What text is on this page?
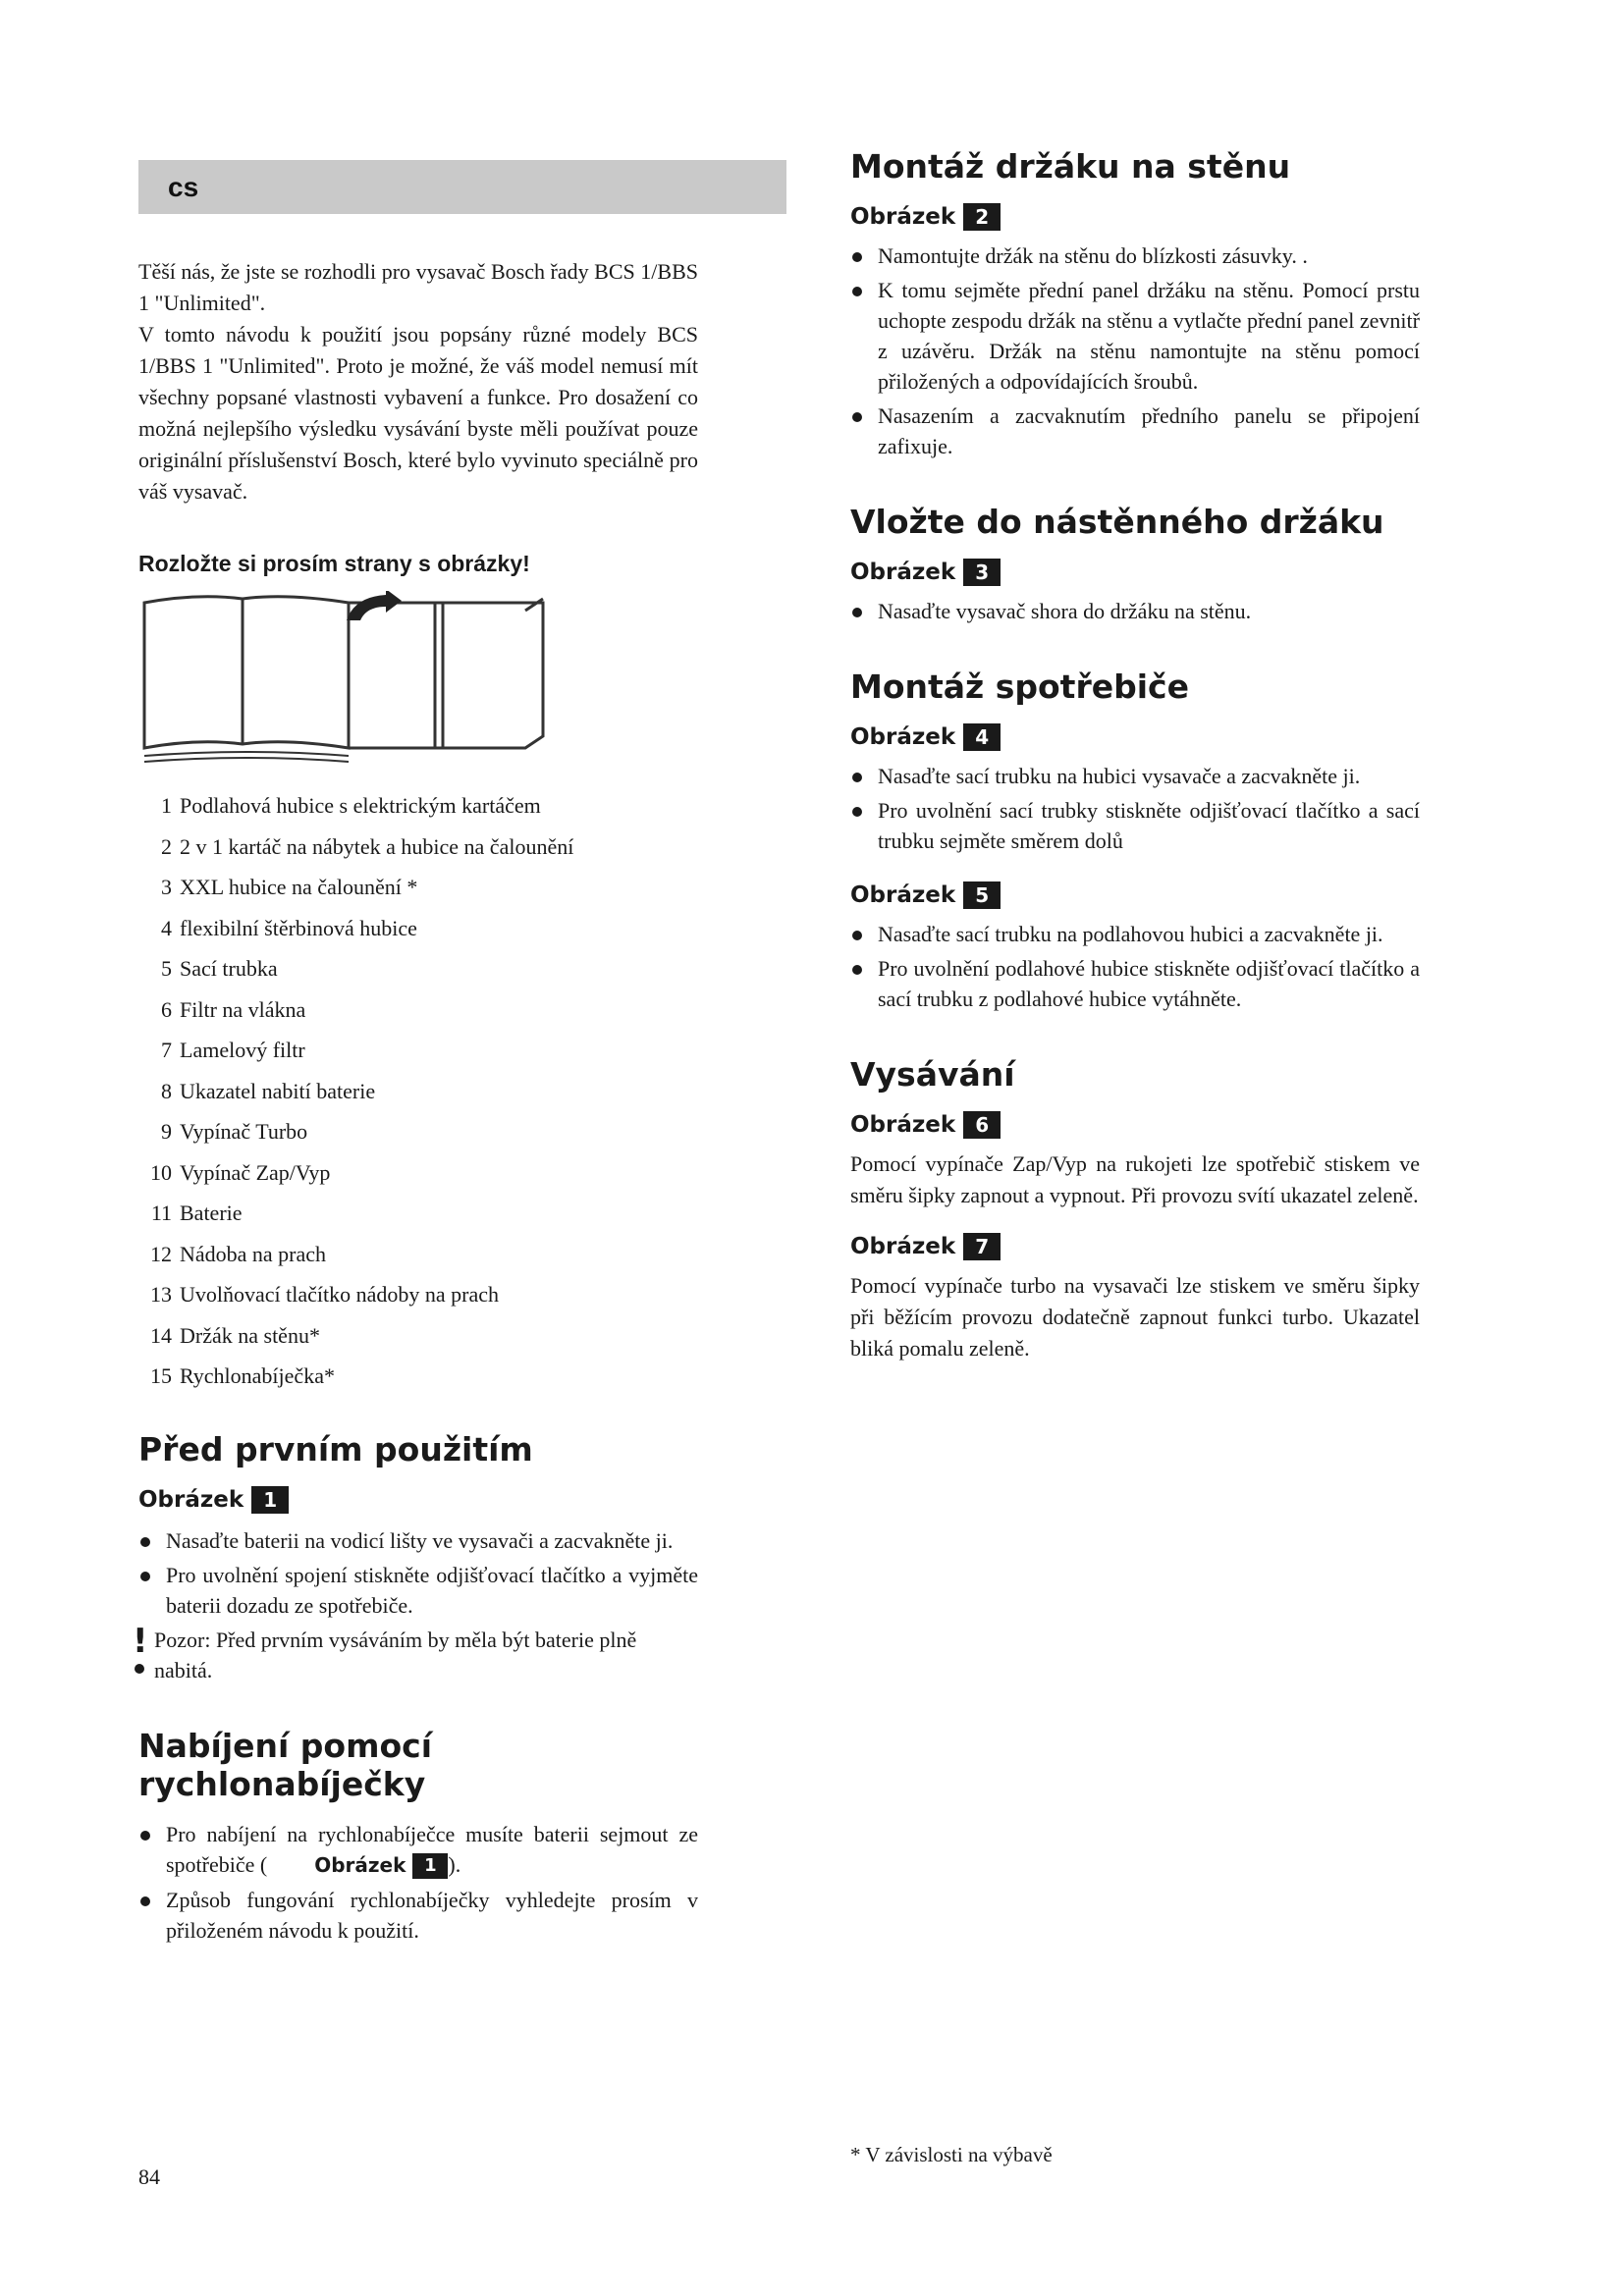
cs

Těší nás, že jste se rozhodli pro vysavač Bosch řady BCS 1/BBS 1 "Unlimited".

V tomto návodu k použití jsou popsány různé modely BCS 1/BBS 1 "Unlimited". Proto je možné, že váš model nemusí mít všechny popsané vlastnosti vybavení a funkce. Pro dosažení co možná nejlepšího výsledku vysávání byste měli používat pouze originální příslušenství Bosch, které bylo vyvinuto speciálně pro váš vysavač.

Rozložte si prosím strany s obrázky!
1 Podlahová hubice s elektrickým kartáčem
2 2 v 1 kartáč na nábytek a hubice na čalounění
3 XXL hubice na čalounění *
4 flexibilní štěrbinová hubice
5 Sací trubka
6 Filtr na vlákna
7 Lamelový filtr
8 Ukazatel nabití baterie
9 Vypínač Turbo
10 Vypínač Zap/Vyp
11 Baterie
12 Nádoba na prach
13 Uvolňovací tlačítko nádoby na prach
14 Držák na stěnu*
15 Rychlonabíječka*
Před prvním použitím
Obrázek	1
Nasaďte baterii na vodicí lišty ve vysavači a zacvakněte ji.
Pro uvolnění spojení stiskněte odjišťovací tlačítko a vyjměte baterii dozadu ze spotřebiče.
! Pozor: Před prvním vysáváním by měla být baterie plně nabitá.
Nabíjení pomocí rychlonabíječky
Pro nabíjení na rychlonabíječce musíte baterii sejmout ze spotřebiče ( Obrázek 1 ).
Způsob fungování rychlonabíječky vyhledejte prosím v přiloženém návodu k použití.
Montáž držáku na stěnu
Obrázek	2
Namontujte držák na stěnu do blízkosti zásuvky. .
K tomu sejměte přední panel držáku na stěnu. Pomocí prstu uchopte zespodu držák na stěnu a vytlačte přední panel zevnitř z uzávěru. Držák na stěnu namontujte na stěnu pomocí přiložených a odpovídajících šroubů.
Nasazením a zacvaknutím předního panelu se připojení zafixuje.
Vložte do nástěnného držáku
Obrázek	3
Nasaďte vysavač shora do držáku na stěnu.
Montáž spotřebiče
Obrázek	4
Nasaďte sací trubku na hubici vysavače a zacvakněte ji.
Pro uvolnění sací trubky stiskněte odjišťovací tlačítko a sací trubku sejměte směrem dolů
Obrázek	5
Nasaďte sací trubku na podlahovou hubici a zacvakněte ji.
Pro uvolnění podlahové hubice stiskněte odjišťovací tlačítko a sací trubku z podlahové hubice vytáhněte.
Vysávání
Obrázek	6

Pomocí vypínače Zap/Vyp na rukojeti lze spotřebič stiskem ve směru šipky zapnout a vypnout. Při provozu svítí ukazatel zeleně.

Obrázek	7

Pomocí vypínače turbo na vysavači lze stiskem ve směru šipky při běžícím provozu dodatečně zapnout funkci turbo. Ukazatel bliká pomalu zeleně.

84
* V závislosti na výbavě
